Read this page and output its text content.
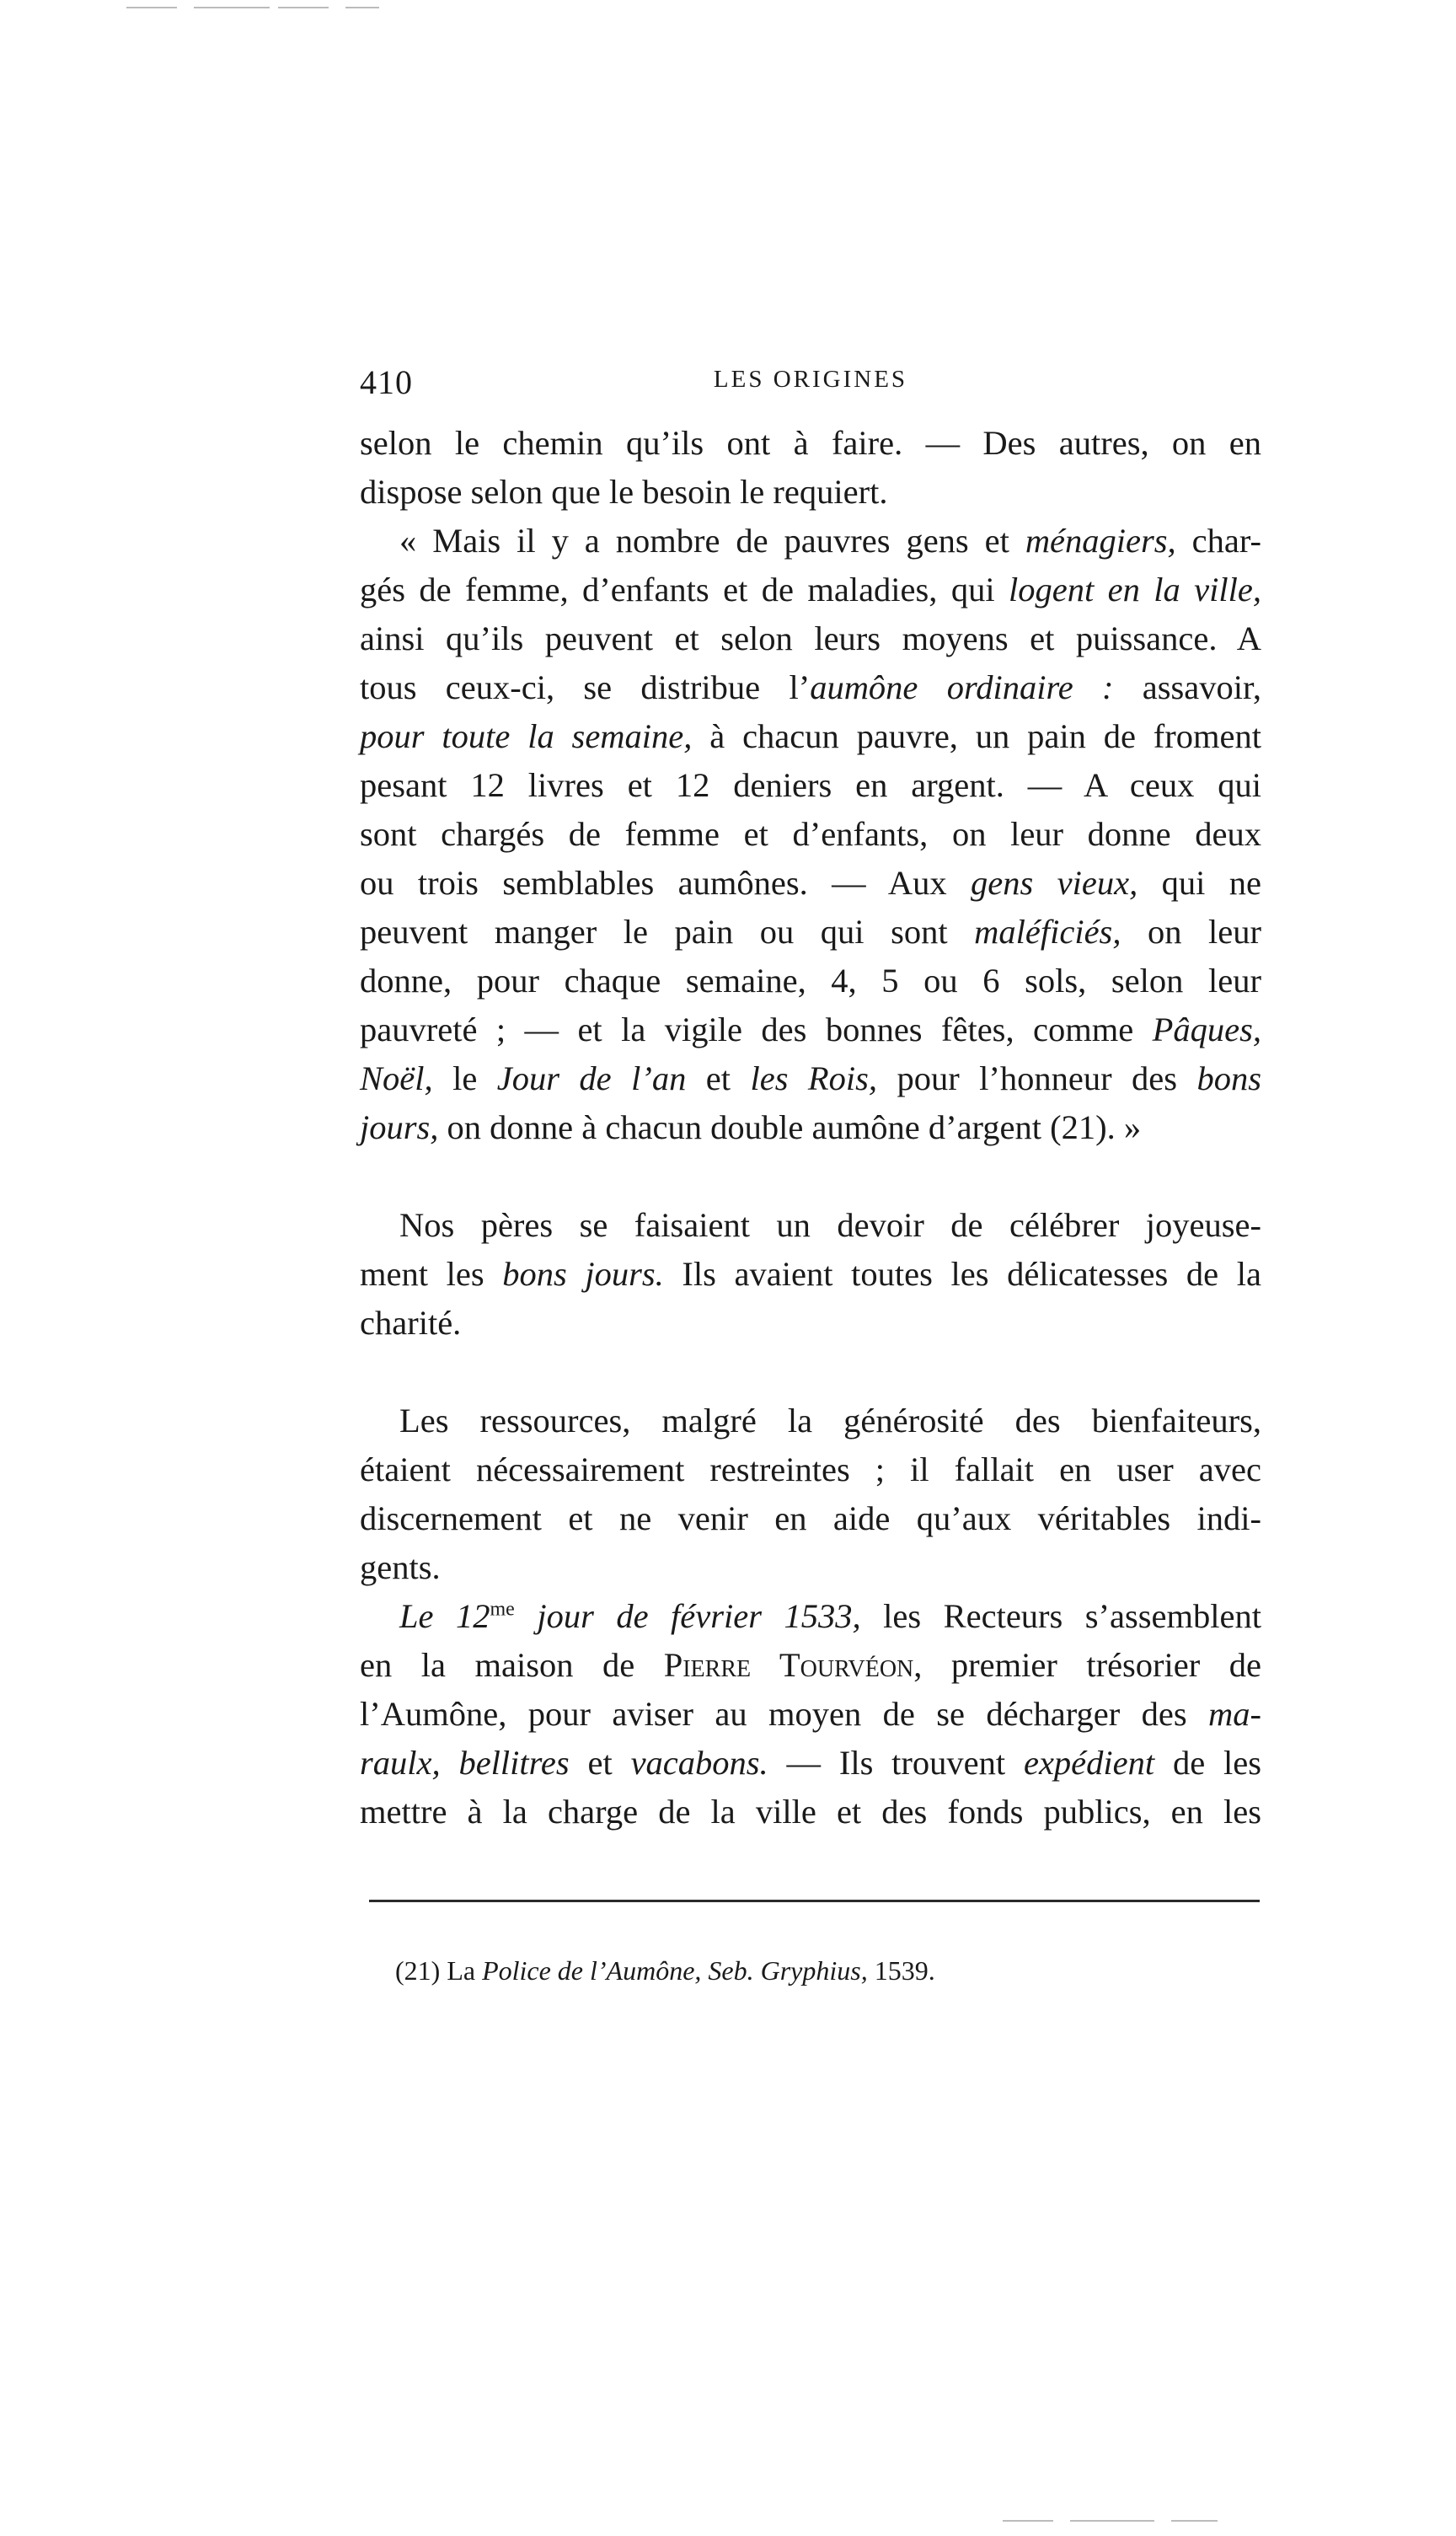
410	LES ORIGINES

selon le chemin qu’ils ont à faire. — Des autres, on en
dispose selon que le besoin le requiert.

« Mais il y a nombre de pauvres gens et ménagiers, char-
gés de femme, d’enfants et de maladies, qui logent en la ville,
ainsi qu’ils peuvent et selon leurs moyens et puissance. A
tous ceux-ci, se distribue l’aumône ordinaire : assavoir,
pour toute la semaine, à chacun pauvre, un pain de froment
pesant 12 livres et 12 deniers en argent. — A ceux qui
sont chargés de femme et d’enfants, on leur donne deux
ou trois semblables aumônes. — Aux gens vieux, qui ne
peuvent manger le pain ou qui sont maléficiés, on leur
donne, pour chaque semaine, 4, 5 ou 6 sols, selon leur
pauvreté ; — et la vigile des bonnes fêtes, comme Pâques,
Noël, le Jour de l’an et les Rois, pour l’honneur des bons
jours, on donne à chacun double aumône d’argent (21). »

Nos pères se faisaient un devoir de célébrer joyeuse-
ment les bons jours. Ils avaient toutes les délicatesses de la
charité.

Les ressources, malgré la générosité des bienfaiteurs,
étaient nécessairement restreintes ; il fallait en user avec
discernement et ne venir en aide qu’aux véritables indi-
gents.

Le $12^{me}$ jour de février 1533, les Recteurs s’assemblent
en la maison de Pierre Tourvéon, premier trésorier de
l’Aumône, pour aviser au moyen de se décharger des ma-
raulx, bellitres et vacabons. — Ils trouvent expédient de les
mettre à la charge de la ville et des fonds publics, en les

(21) La Police de l’Aumône, Seb. Gryphius, 1539.
